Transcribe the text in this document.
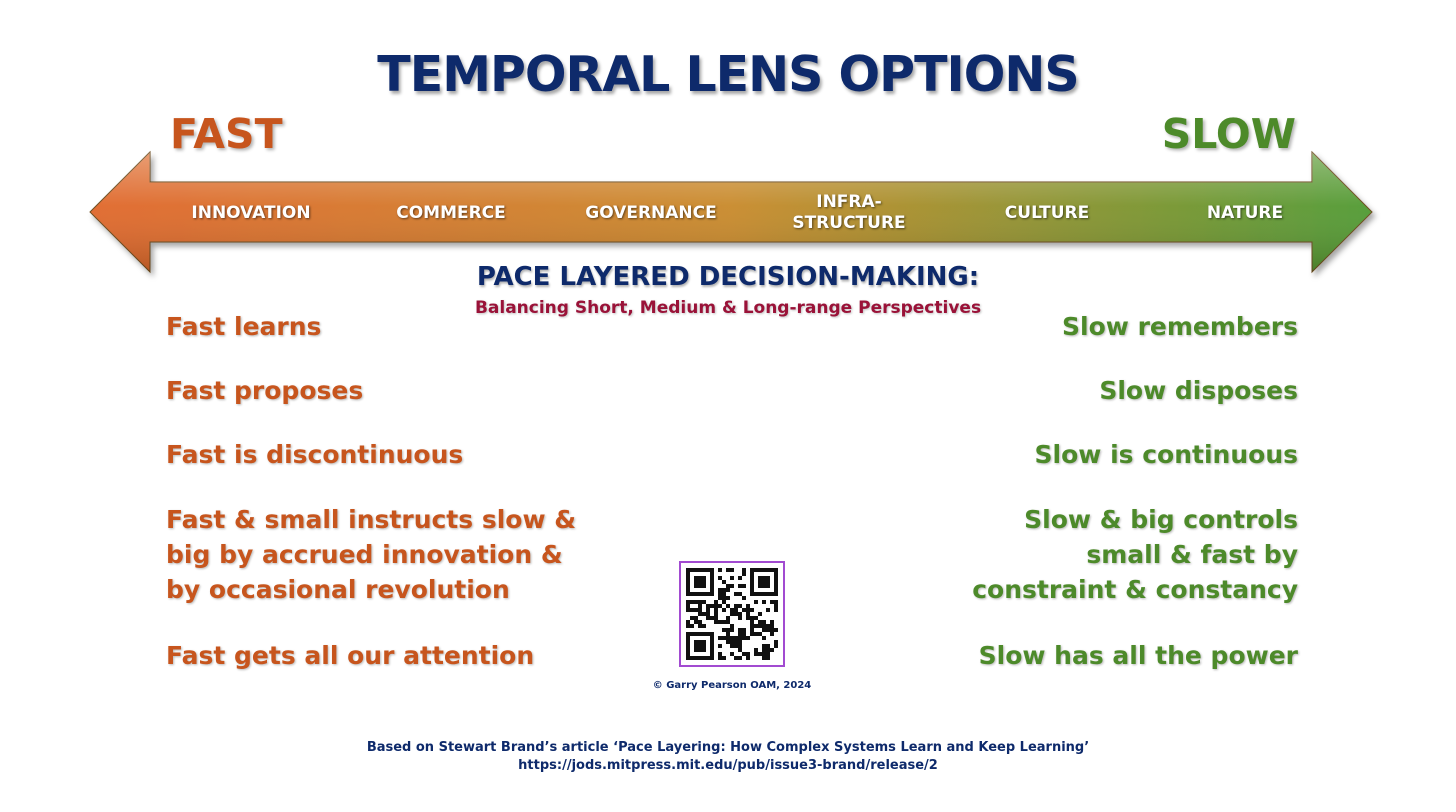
TEMPORAL LENS OPTIONS
FAST	SLOW
INNOVATION	COMMERCE	GOVERNANCE
INFRA-
STRUCTURE
CULTURE	NATURE
PACE LAYERED DECISION-MAKING:
Balancing Short, Medium & Long-range Perspectives
Fast learns
Fast proposes
Fast is discontinuous
Fast & small instructs slow &
big by accrued innovation &
by occasional revolution
Fast gets all our attention
Slow remembers
Slow disposes
Slow is continuous
Slow & big controls
small & fast by
constraint & constancy
Slow has all the power
© Garry Pearson OAM, 2024
Based on Stewart Brand’s article ‘Pace Layering: How Complex Systems Learn and Keep Learning’
https://jods.mitpress.mit.edu/pub/issue3-brand/release/2
